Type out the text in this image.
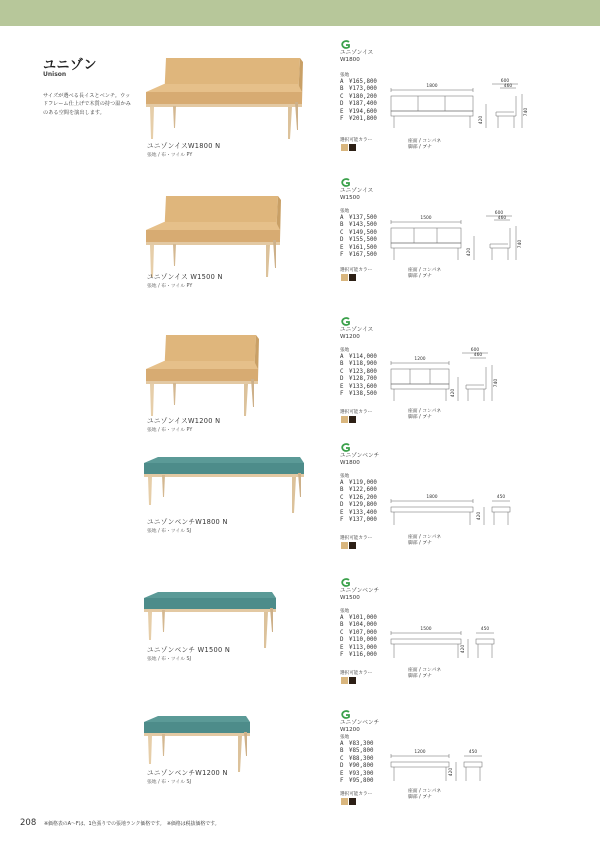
ユニゾン
Unison
サイズが選べる長イスとベンチ。ウッドフレーム仕上げで木質の持つ温かみのある空間を演出します。
ユニゾンイスW1800 N
張地 / 布・ツイル PY
ユニゾンイス
W1800
張地
A ¥165,800
B ¥173,000
C ¥180,200
D ¥187,400
E ¥194,600
F ¥201,800
選択可能カラー	座面 / コンパネ
脚部 / ブナ
1800
600
460
420
740
ユニゾンイス W1500 N
張地 / 布・ツイル PY
ユニゾンイス
W1500
張地
A ¥137,500
B ¥143,500
C ¥149,500
D ¥155,500
E ¥161,500
F ¥167,500
選択可能カラー	座面 / コンパネ
脚部 / ブナ
1500
600
460
420
740
ユニゾンイスW1200 N
張地 / 布・ツイル PY
ユニゾンイス
W1200
張地
A ¥114,000
B ¥118,900
C ¥123,800
D ¥128,700
E ¥133,600
F ¥138,500
選択可能カラー	座面 / コンパネ
脚部 / ブナ
1200
600
460
420
740
ユニゾンベンチW1800 N
張地 / 布・ツイル SJ
ユニゾンベンチ
W1800
張地
A ¥119,000
B ¥122,600
C ¥126,200
D ¥129,800
E ¥133,400
F ¥137,000
選択可能カラー	座面 / コンパネ
脚部 / ブナ
1800	450
420
ユニゾンベンチ W1500 N
張地 / 布・ツイル SJ
ユニゾンベンチ
W1500
張地
A ¥101,000
B ¥104,000
C ¥107,000
D ¥110,000
E ¥113,000
F ¥116,000
選択可能カラー
座面 / コンパネ
脚部 / ブナ
1500	450
420
ユニゾンベンチW1200 N
張地 / 布・ツイル SJ
ユニゾンベンチ
W1200
張地
A ¥83,300
B ¥85,800
C ¥88,300
D ¥90,800
E ¥93,300
F ¥95,800
選択可能カラー
座面 / コンパネ
脚部 / ブナ
1200	450
420
208 ※価格表のA～Fは、1色張りでの張地ランク価格です。　※価格は税抜価格です。
